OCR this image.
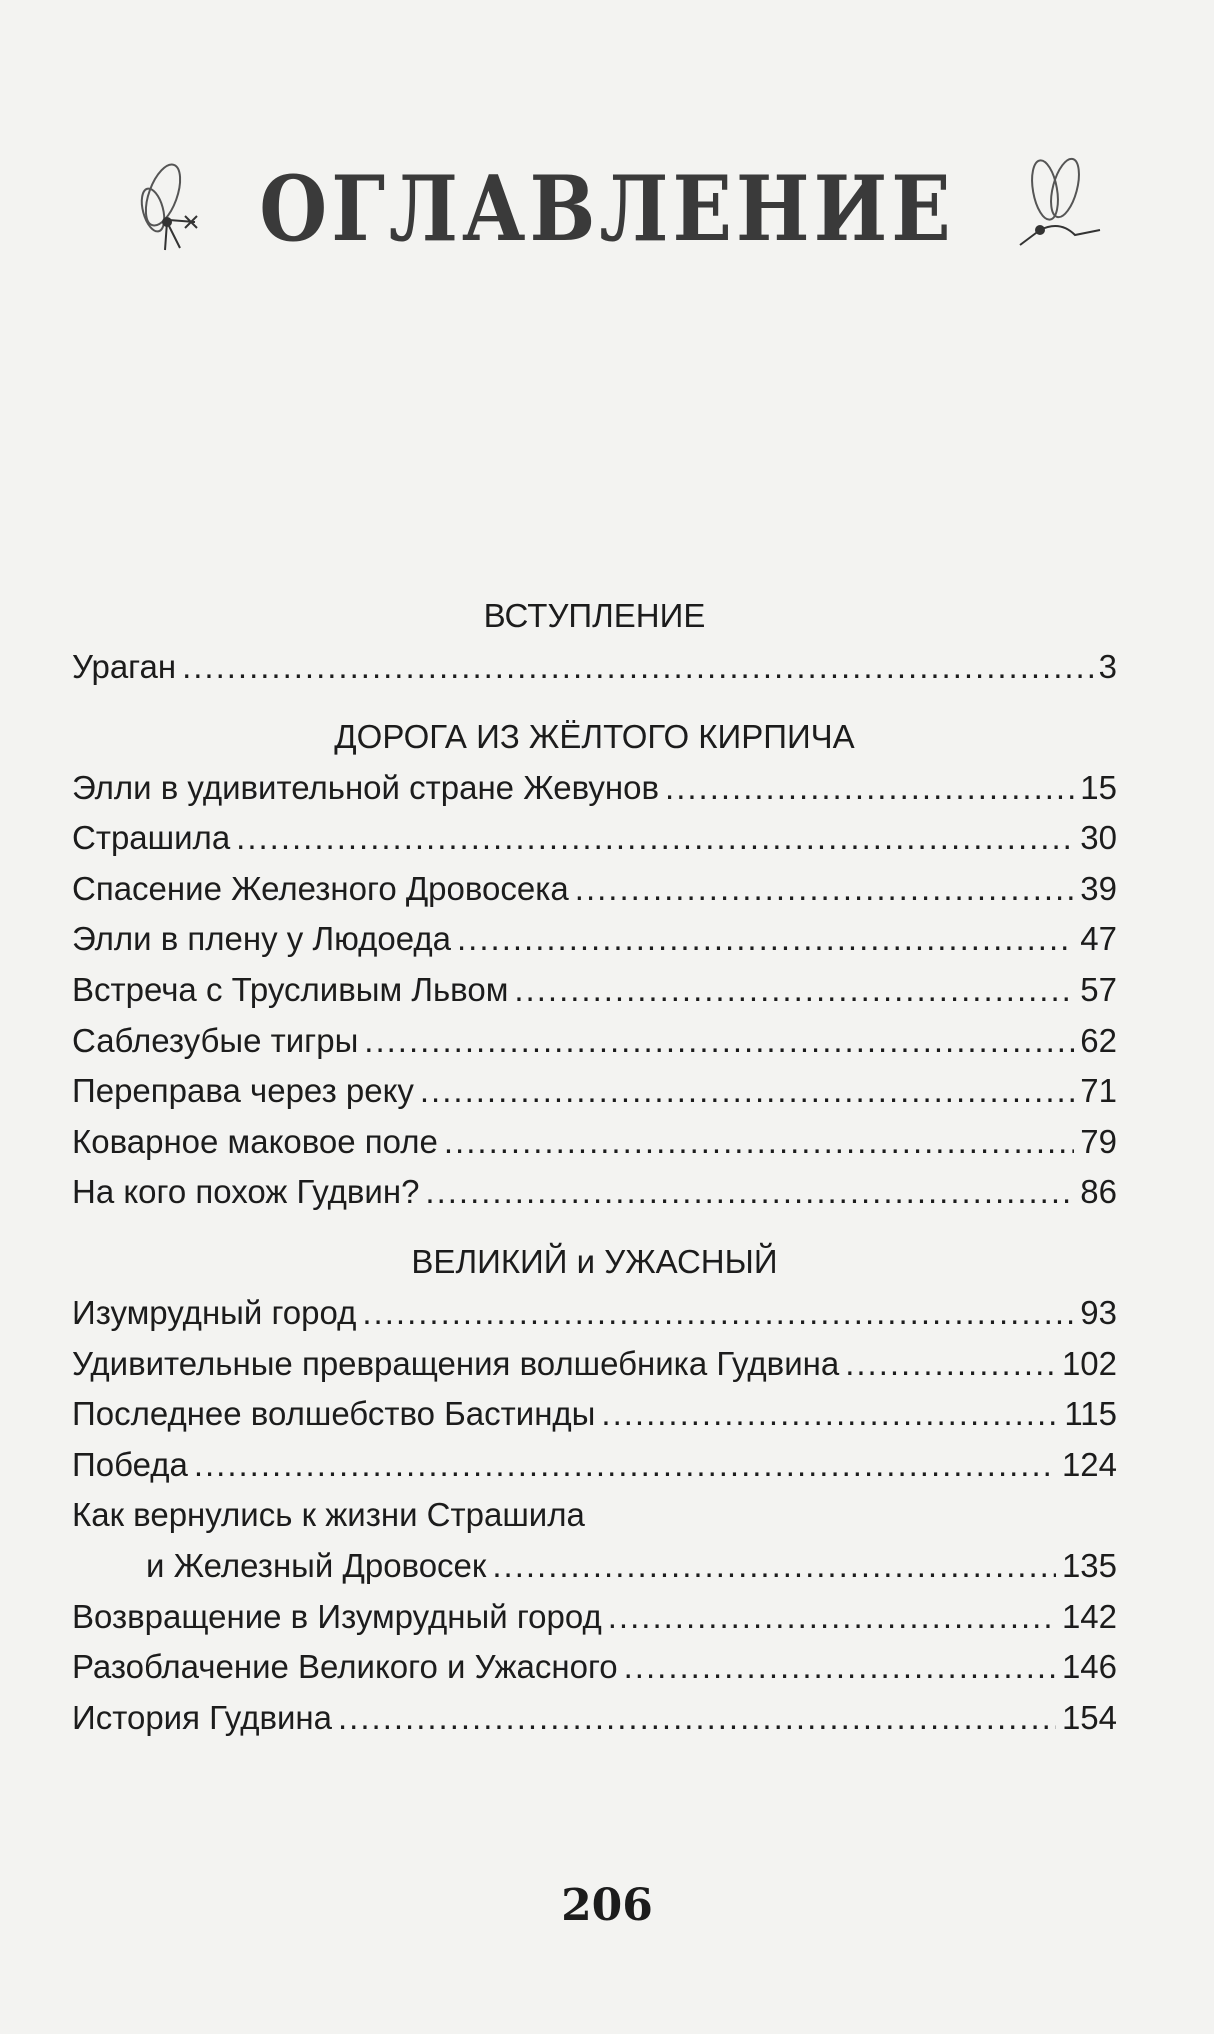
ОГЛАВЛЕНИЕ
ВСТУПЛЕНИЕ
Ураган .....	3
ДОРОГА ИЗ ЖЁЛТОГО КИРПИЧА
Элли в удивительной стране Жевунов .....	15
Страшила .....	30
Спасение Железного Дровосека .....	39
Элли в плену у Людоеда .....	47
Встреча с Трусливым Львом .....	57
Саблезубые тигры .....	62
Переправа через реку .....	71
Коварное маковое поле .....	79
На кого похож Гудвин? .....	86
ВЕЛИКИЙ и УЖАСНЫЙ
Изумрудный город .....	93
Удивительные превращения волшебника Гудвина .....	102
Последнее волшебство Бастинды .....	115
Победа .....	124
Как вернулись к жизни Страшила
и Железный Дровосек .....	135
Возвращение в Изумрудный город .....	142
Разоблачение Великого и Ужасного .....	146
История Гудвина .....	154
206
